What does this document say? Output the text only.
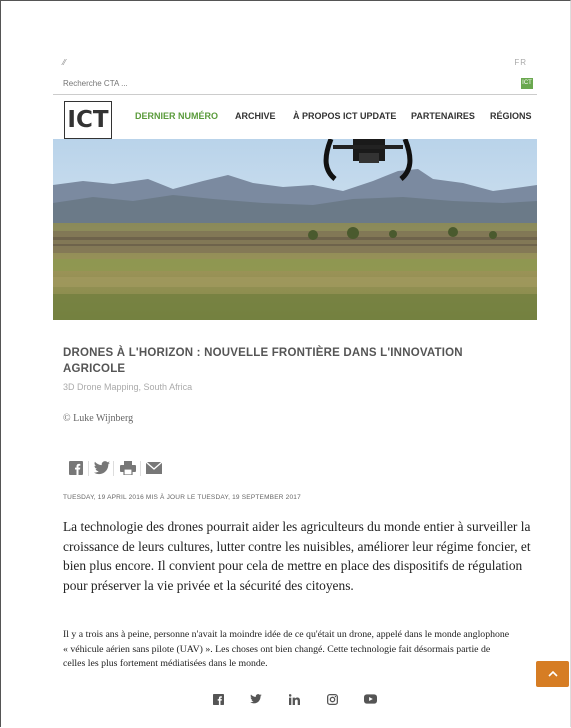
⁄⁄	FR
Recherche CTA ...
ICT
ICT	DERNIER NUMÉRO ARCHIVE À PROPOS ICT UPDATE PARTENAIRES RÉGIONS
DRONES À L'HORIZON : NOUVELLE FRONTIÈRE DANS L'INNOVATION AGRICOLE
3D Drone Mapping, South Africa
© Luke Wijnberg
TUESDAY, 19 APRIL 2016 MIS À JOUR LE TUESDAY, 19 SEPTEMBER 2017

La technologie des drones pourrait aider les agriculteurs du monde entier à surveiller la croissance de leurs cultures, lutter contre les nuisibles, améliorer leur régime foncier, et bien plus encore. Il convient pour cela de mettre en place des dispositifs de régulation pour préserver la vie privée et la sécurité des citoyens.

Il y a trois ans à peine, personne n'avait la moindre idée de ce qu'était un drone, appelé dans le monde anglophone « véhicule aérien sans pilote (UAV) ». Les choses ont bien changé. Cette technologie fait désormais partie de celles les plus fortement médiatisées dans le monde.
